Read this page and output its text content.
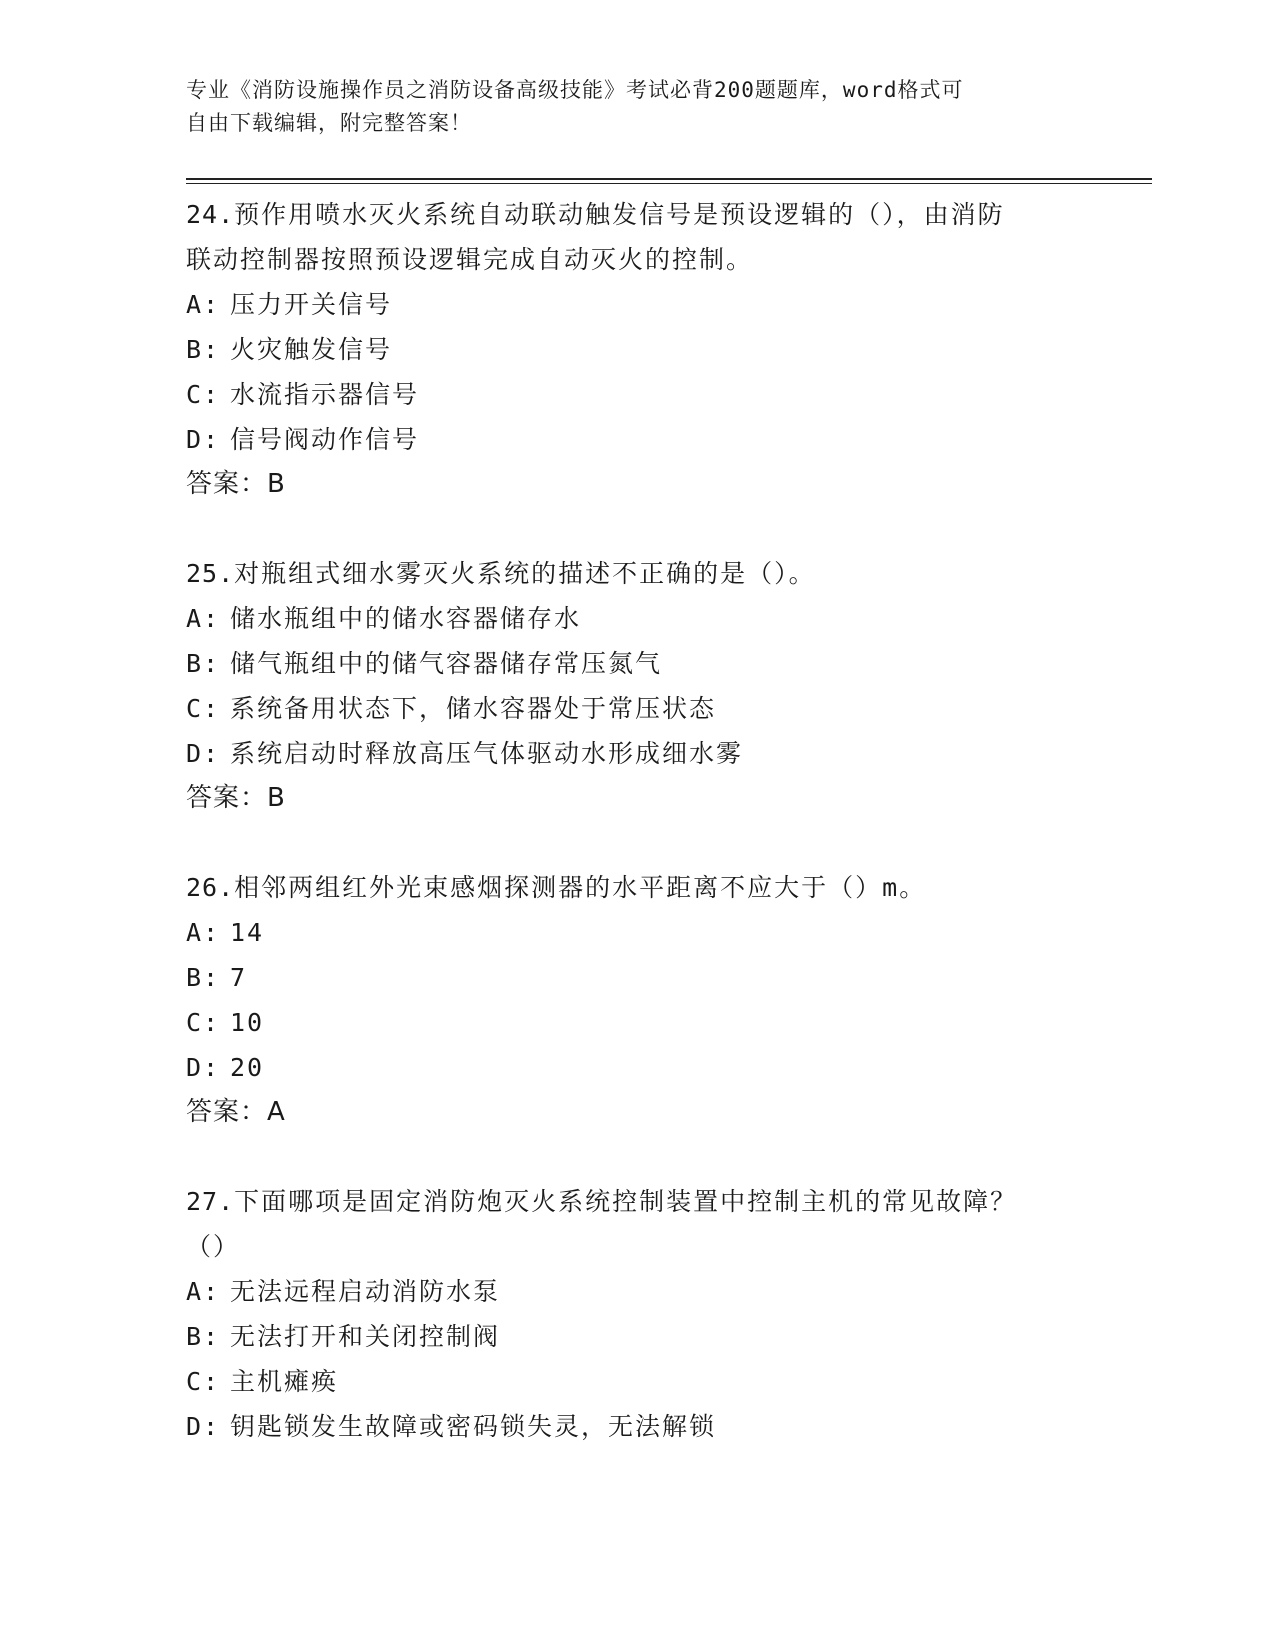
专业《消防设施操作员之消防设备高级技能》考试必背200题题库，word格式可
自由下载编辑，附完整答案！
24.预作用喷水灭火系统自动联动触发信号是预设逻辑的（），由消防
联动控制器按照预设逻辑完成自动灭火的控制。
A: 压力开关信号
B: 火灾触发信号
C: 水流指示器信号
D: 信号阀动作信号
答案：B
25.对瓶组式细水雾灭火系统的描述不正确的是（）。
A: 储水瓶组中的储水容器储存水
B: 储气瓶组中的储气容器储存常压氮气
C: 系统备用状态下，储水容器处于常压状态
D: 系统启动时释放高压气体驱动水形成细水雾
答案：B
26.相邻两组红外光束感烟探测器的水平距离不应大于（）m。
A: 14
B: 7
C: 10
D: 20
答案：A
27.下面哪项是固定消防炮灭火系统控制装置中控制主机的常见故障？
（）
A: 无法远程启动消防水泵
B: 无法打开和关闭控制阀
C: 主机瘫痪
D: 钥匙锁发生故障或密码锁失灵，无法解锁
